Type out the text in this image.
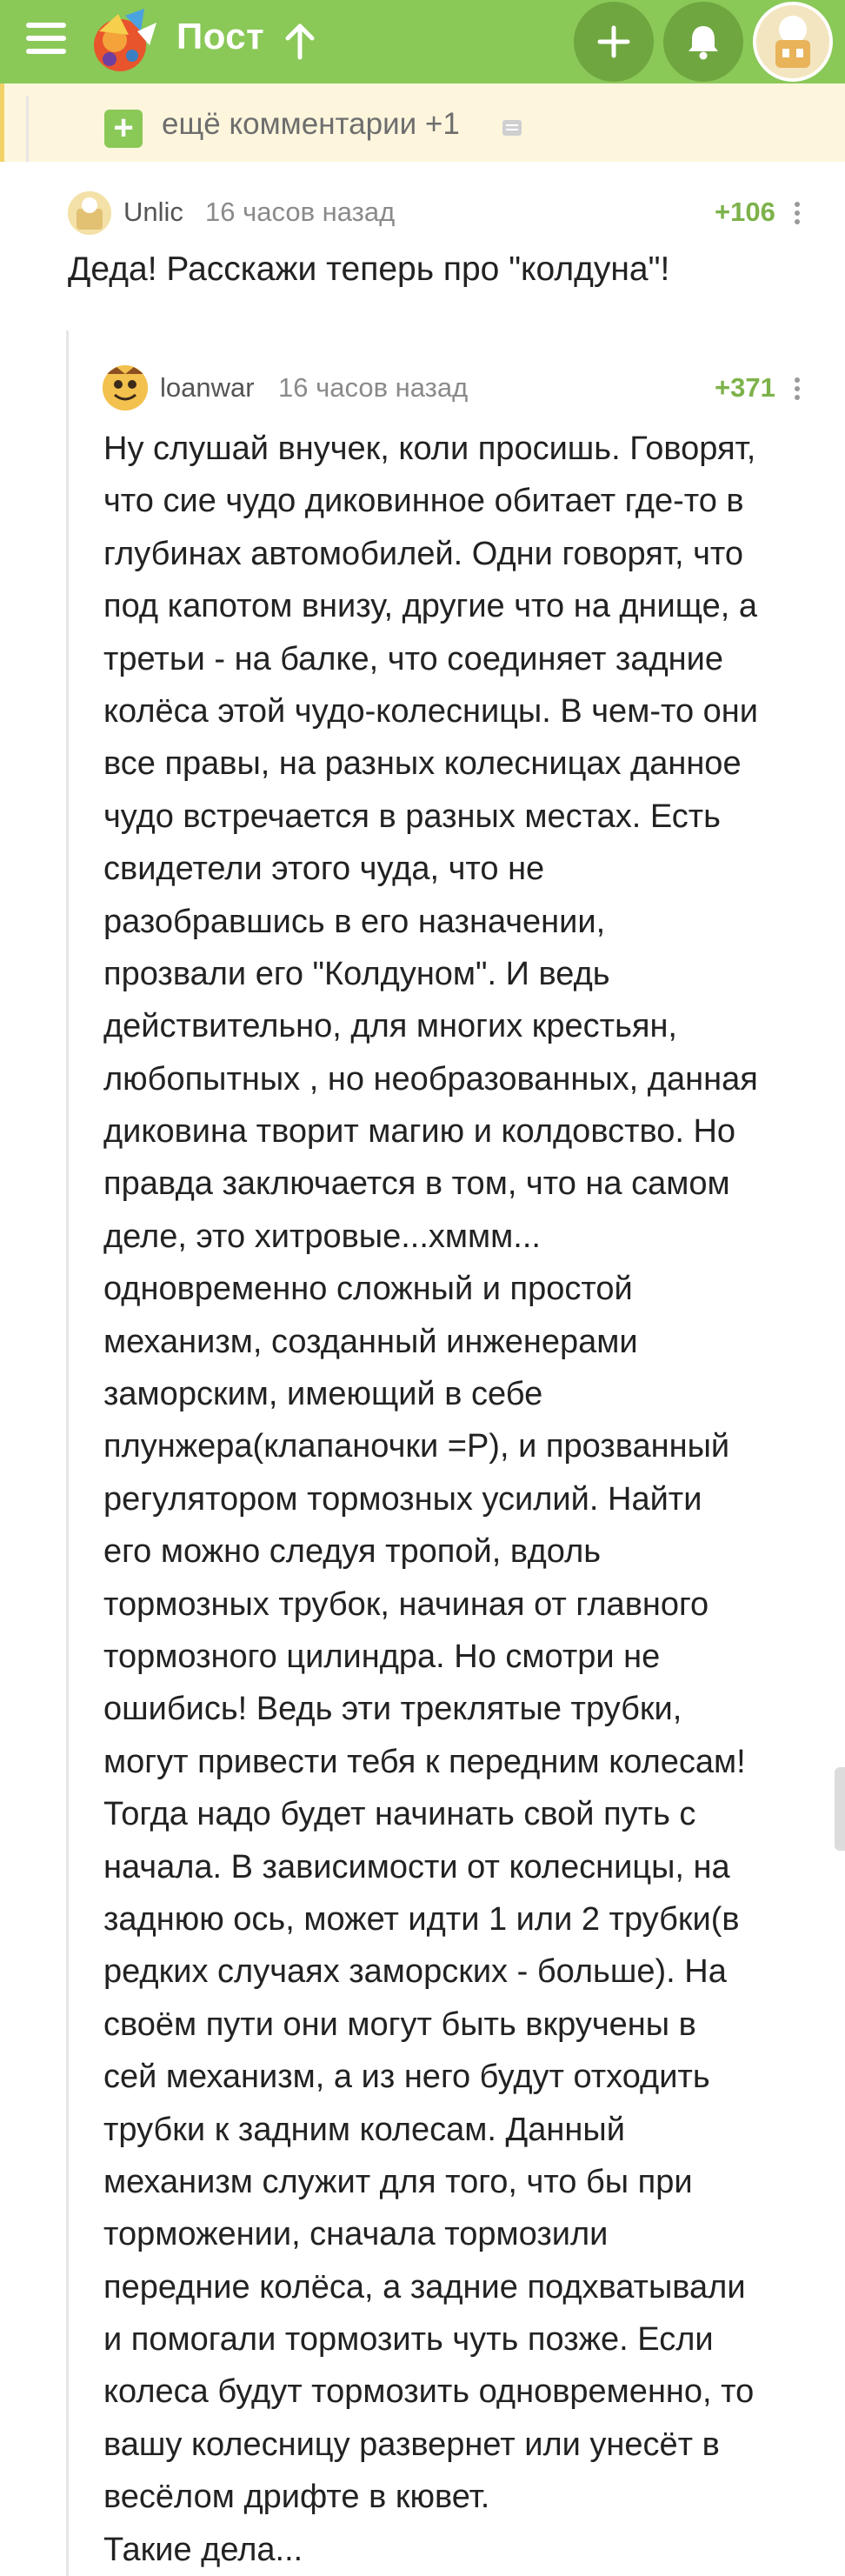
Пост
+ ещё комментарии +1
Unlic 16 часов назад	+106
Деда! Расскажи теперь про "колдуна"!
loanwar 16 часов назад	+371
Ну слушай внучек, коли просишь. Говорят,
что сие чудо диковинное обитает где-то в
глубинах автомобилей. Одни говорят, что
под капотом внизу, другие что на днище, а
третьи - на балке, что соединяет задние
колёса этой чудо-колесницы. В чем-то они
все правы, на разных колесницах данное
чудо встречается в разных местах. Есть
свидетели этого чуда, что не
разобравшись в его назначении,
прозвали его "Колдуном". И ведь
действительно, для многих крестьян,
любопытных , но необразованных, данная
диковина творит магию и колдовство. Но
правда заключается в том, что на самом
деле, это хитровые...хммм...
одновременно сложный и простой
механизм, созданный инженерами
заморским, имеющий в себе
плунжера(клапаночки =Р), и прозванный
регулятором тормозных усилий. Найти
его можно следуя тропой, вдоль
тормозных трубок, начиная от главного
тормозного цилиндра. Но смотри не
ошибись! Ведь эти треклятые трубки,
могут привести тебя к передним колесам!
Тогда надо будет начинать свой путь с
начала. В зависимости от колесницы, на
заднюю ось, может идти 1 или 2 трубки(в
редких случаях заморских - больше). На
своём пути они могут быть вкручены в
сей механизм, а из него будут отходить
трубки к задним колесам. Данный
механизм служит для того, что бы при
торможении, сначала тормозили
передние колёса, а задние подхватывали
и помогали тормозить чуть позже. Если
колеса будут тормозить одновременно, то
вашу колесницу развернет или унесёт в
весёлом дрифте в кювет.
Такие дела...
